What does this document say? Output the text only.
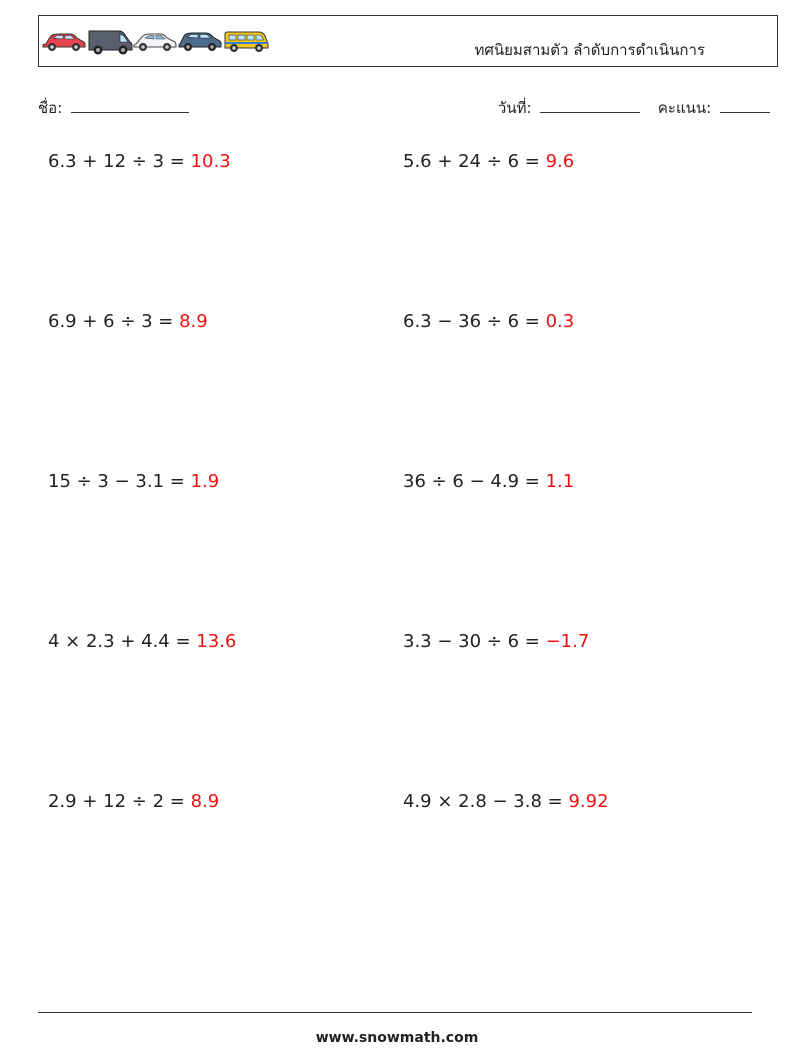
ทศนิยมสามตัว ลำดับการดำเนินการ
ชื่อ:	วันที่:	คะแนน:
6.3 + 12 ÷ 3 = 10.3	5.6 + 24 ÷ 6 = 9.6
6.9 + 6 ÷ 3 = 8.9	6.3 − 36 ÷ 6 = 0.3
15 ÷ 3 − 3.1 = 1.9	36 ÷ 6 − 4.9 = 1.1
4 × 2.3 + 4.4 = 13.6	3.3 − 30 ÷ 6 = −1.7
2.9 + 12 ÷ 2 = 8.9	4.9 × 2.8 − 3.8 = 9.92
www.snowmath.com
